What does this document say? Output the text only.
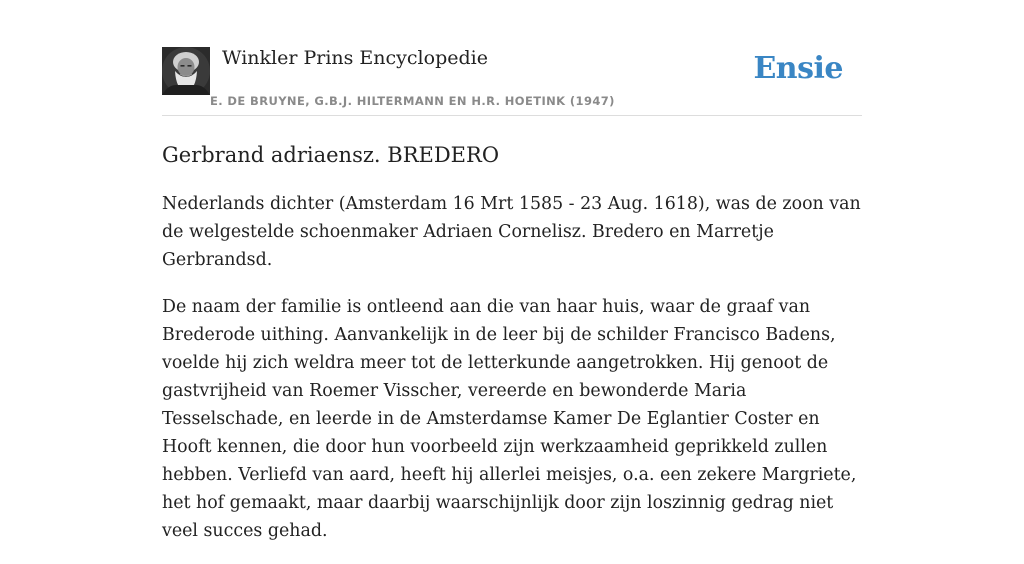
Winkler Prins Encyclopedie
E. DE BRUYNE, G.B.J. HILTERMANN EN H.R. HOETINK (1947)
Ensie
Gerbrand adriaensz. BREDERO

Nederlands dichter (Amsterdam 16 Mrt 1585 - 23 Aug. 1618), was de zoon van de welgestelde schoenmaker Adriaen Cornelisz. Bredero en Marretje Gerbrandsd.

De naam der familie is ontleend aan die van haar huis, waar de graaf van Brederode uithing. Aanvankelijk in de leer bij de schilder Francisco Badens, voelde hij zich weldra meer tot de letterkunde aangetrokken. Hij genoot de gastvrijheid van Roemer Visscher, vereerde en bewonderde Maria Tesselschade, en leerde in de Amsterdamse Kamer De Eglantier Coster en Hooft kennen, die door hun voorbeeld zijn werkzaamheid geprikkeld zullen hebben. Verliefd van aard, heeft hij allerlei meisjes, o.a. een zekere Margriete, het hof gemaakt, maar daarbij waarschijnlijk door zijn loszinnig gedrag niet veel succes gehad.
